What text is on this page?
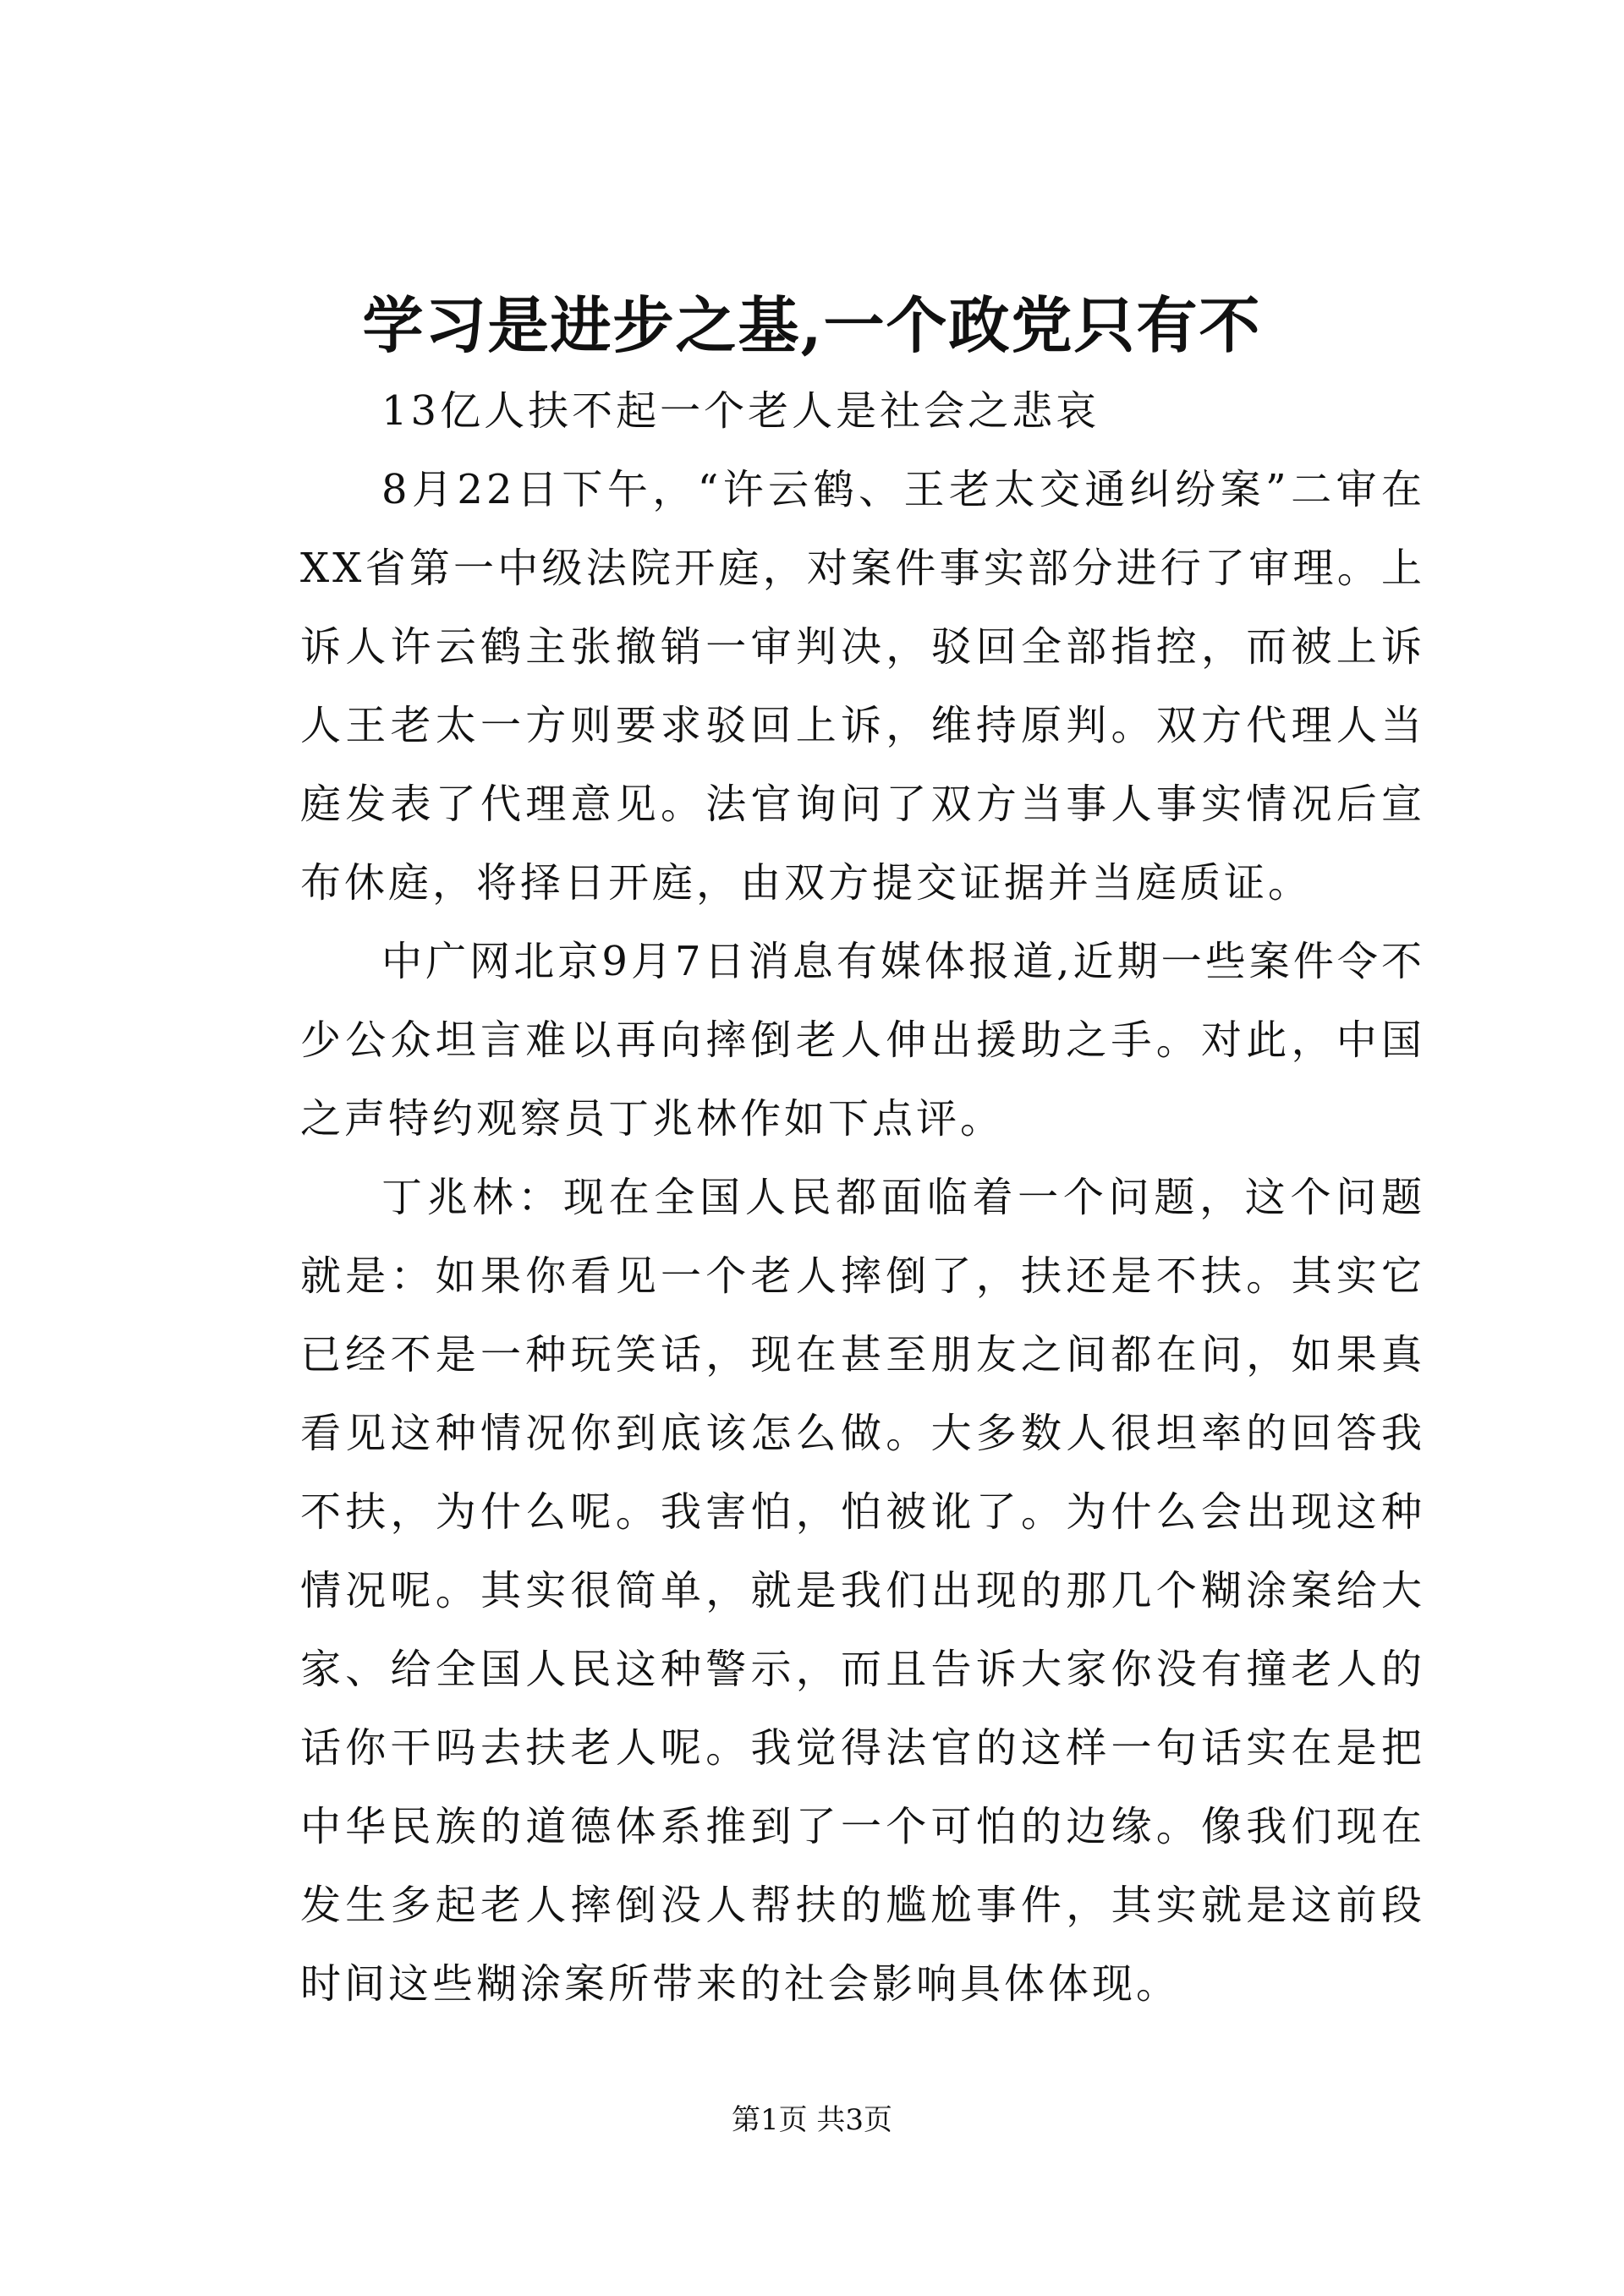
学习是进步之基,一个政党只有不

13亿人扶不起一个老人是社会之悲哀

8月22日下午，“许云鹤、王老太交通纠纷案”二审在XX省第一中级法院开庭，对案件事实部分进行了审理。上诉人许云鹤主张撤销一审判决，驳回全部指控，而被上诉人王老太一方则要求驳回上诉，维持原判。双方代理人当庭发表了代理意见。法官询问了双方当事人事实情况后宣布休庭，将择日开庭，由双方提交证据并当庭质证。

中广网北京9月7日消息有媒体报道,近期一些案件令不少公众坦言难以再向摔倒老人伸出援助之手。对此，中国之声特约观察员丁兆林作如下点评。

丁兆林：现在全国人民都面临着一个问题，这个问题就是：如果你看见一个老人摔倒了，扶还是不扶。其实它已经不是一种玩笑话，现在甚至朋友之间都在问，如果真看见这种情况你到底该怎么做。大多数人很坦率的回答我不扶，为什么呢。我害怕，怕被讹了。为什么会出现这种情况呢。其实很简单，就是我们出现的那几个糊涂案给大家、给全国人民这种警示，而且告诉大家你没有撞老人的话你干吗去扶老人呢。我觉得法官的这样一句话实在是把中华民族的道德体系推到了一个可怕的边缘。像我们现在发生多起老人摔倒没人帮扶的尴尬事件，其实就是这前段时间这些糊涂案所带来的社会影响具体体现。

第1页 共3页
